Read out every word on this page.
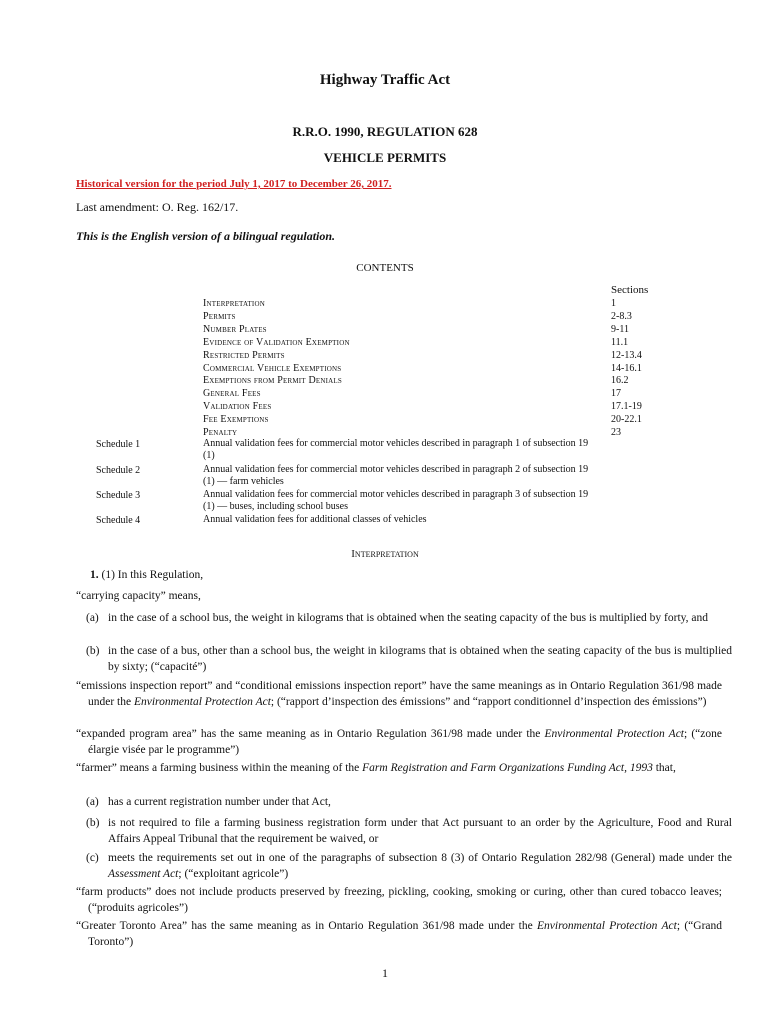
Highway Traffic Act
R.R.O. 1990, REGULATION 628
VEHICLE PERMITS
Historical version for the period July 1, 2017 to December 26, 2017.
Last amendment: O. Reg. 162/17.
This is the English version of a bilingual regulation.
CONTENTS
Sections
Interpretation	1
Permits	2-8.3
Number Plates	9-11
Evidence of Validation Exemption	11.1
Restricted Permits	12-13.4
Commercial Vehicle Exemptions	14-16.1
Exemptions from Permit Denials	16.2
General Fees	17
Validation Fees	17.1-19
Fee Exemptions	20-22.1
Penalty	23
Schedule 1	Annual validation fees for commercial motor vehicles described in paragraph 1 of subsection 19 (1)
Schedule 2	Annual validation fees for commercial motor vehicles described in paragraph 2 of subsection 19 (1) — farm vehicles
Schedule 3	Annual validation fees for commercial motor vehicles described in paragraph 3 of subsection 19 (1) — buses, including school buses
Schedule 4	Annual validation fees for additional classes of vehicles
Interpretation
1. (1) In this Regulation,
“carrying capacity” means,
(a) in the case of a school bus, the weight in kilograms that is obtained when the seating capacity of the bus is multiplied by forty, and
(b) in the case of a bus, other than a school bus, the weight in kilograms that is obtained when the seating capacity of the bus is multiplied by sixty; (“capacité”)
“emissions inspection report” and “conditional emissions inspection report” have the same meanings as in Ontario Regulation 361/98 made under the Environmental Protection Act; (“rapport d’inspection des émissions” and “rapport conditionnel d’inspection des émissions”)
“expanded program area” has the same meaning as in Ontario Regulation 361/98 made under the Environmental Protection Act; (“zone élargie visée par le programme”)
“farmer” means a farming business within the meaning of the Farm Registration and Farm Organizations Funding Act, 1993 that,
(a) has a current registration number under that Act,
(b) is not required to file a farming business registration form under that Act pursuant to an order by the Agriculture, Food and Rural Affairs Appeal Tribunal that the requirement be waived, or
(c) meets the requirements set out in one of the paragraphs of subsection 8 (3) of Ontario Regulation 282/98 (General) made under the Assessment Act; (“exploitant agricole”)
“farm products” does not include products preserved by freezing, pickling, cooking, smoking or curing, other than cured tobacco leaves; (“produits agricoles”)
“Greater Toronto Area” has the same meaning as in Ontario Regulation 361/98 made under the Environmental Protection Act; (“Grand Toronto”)
1
